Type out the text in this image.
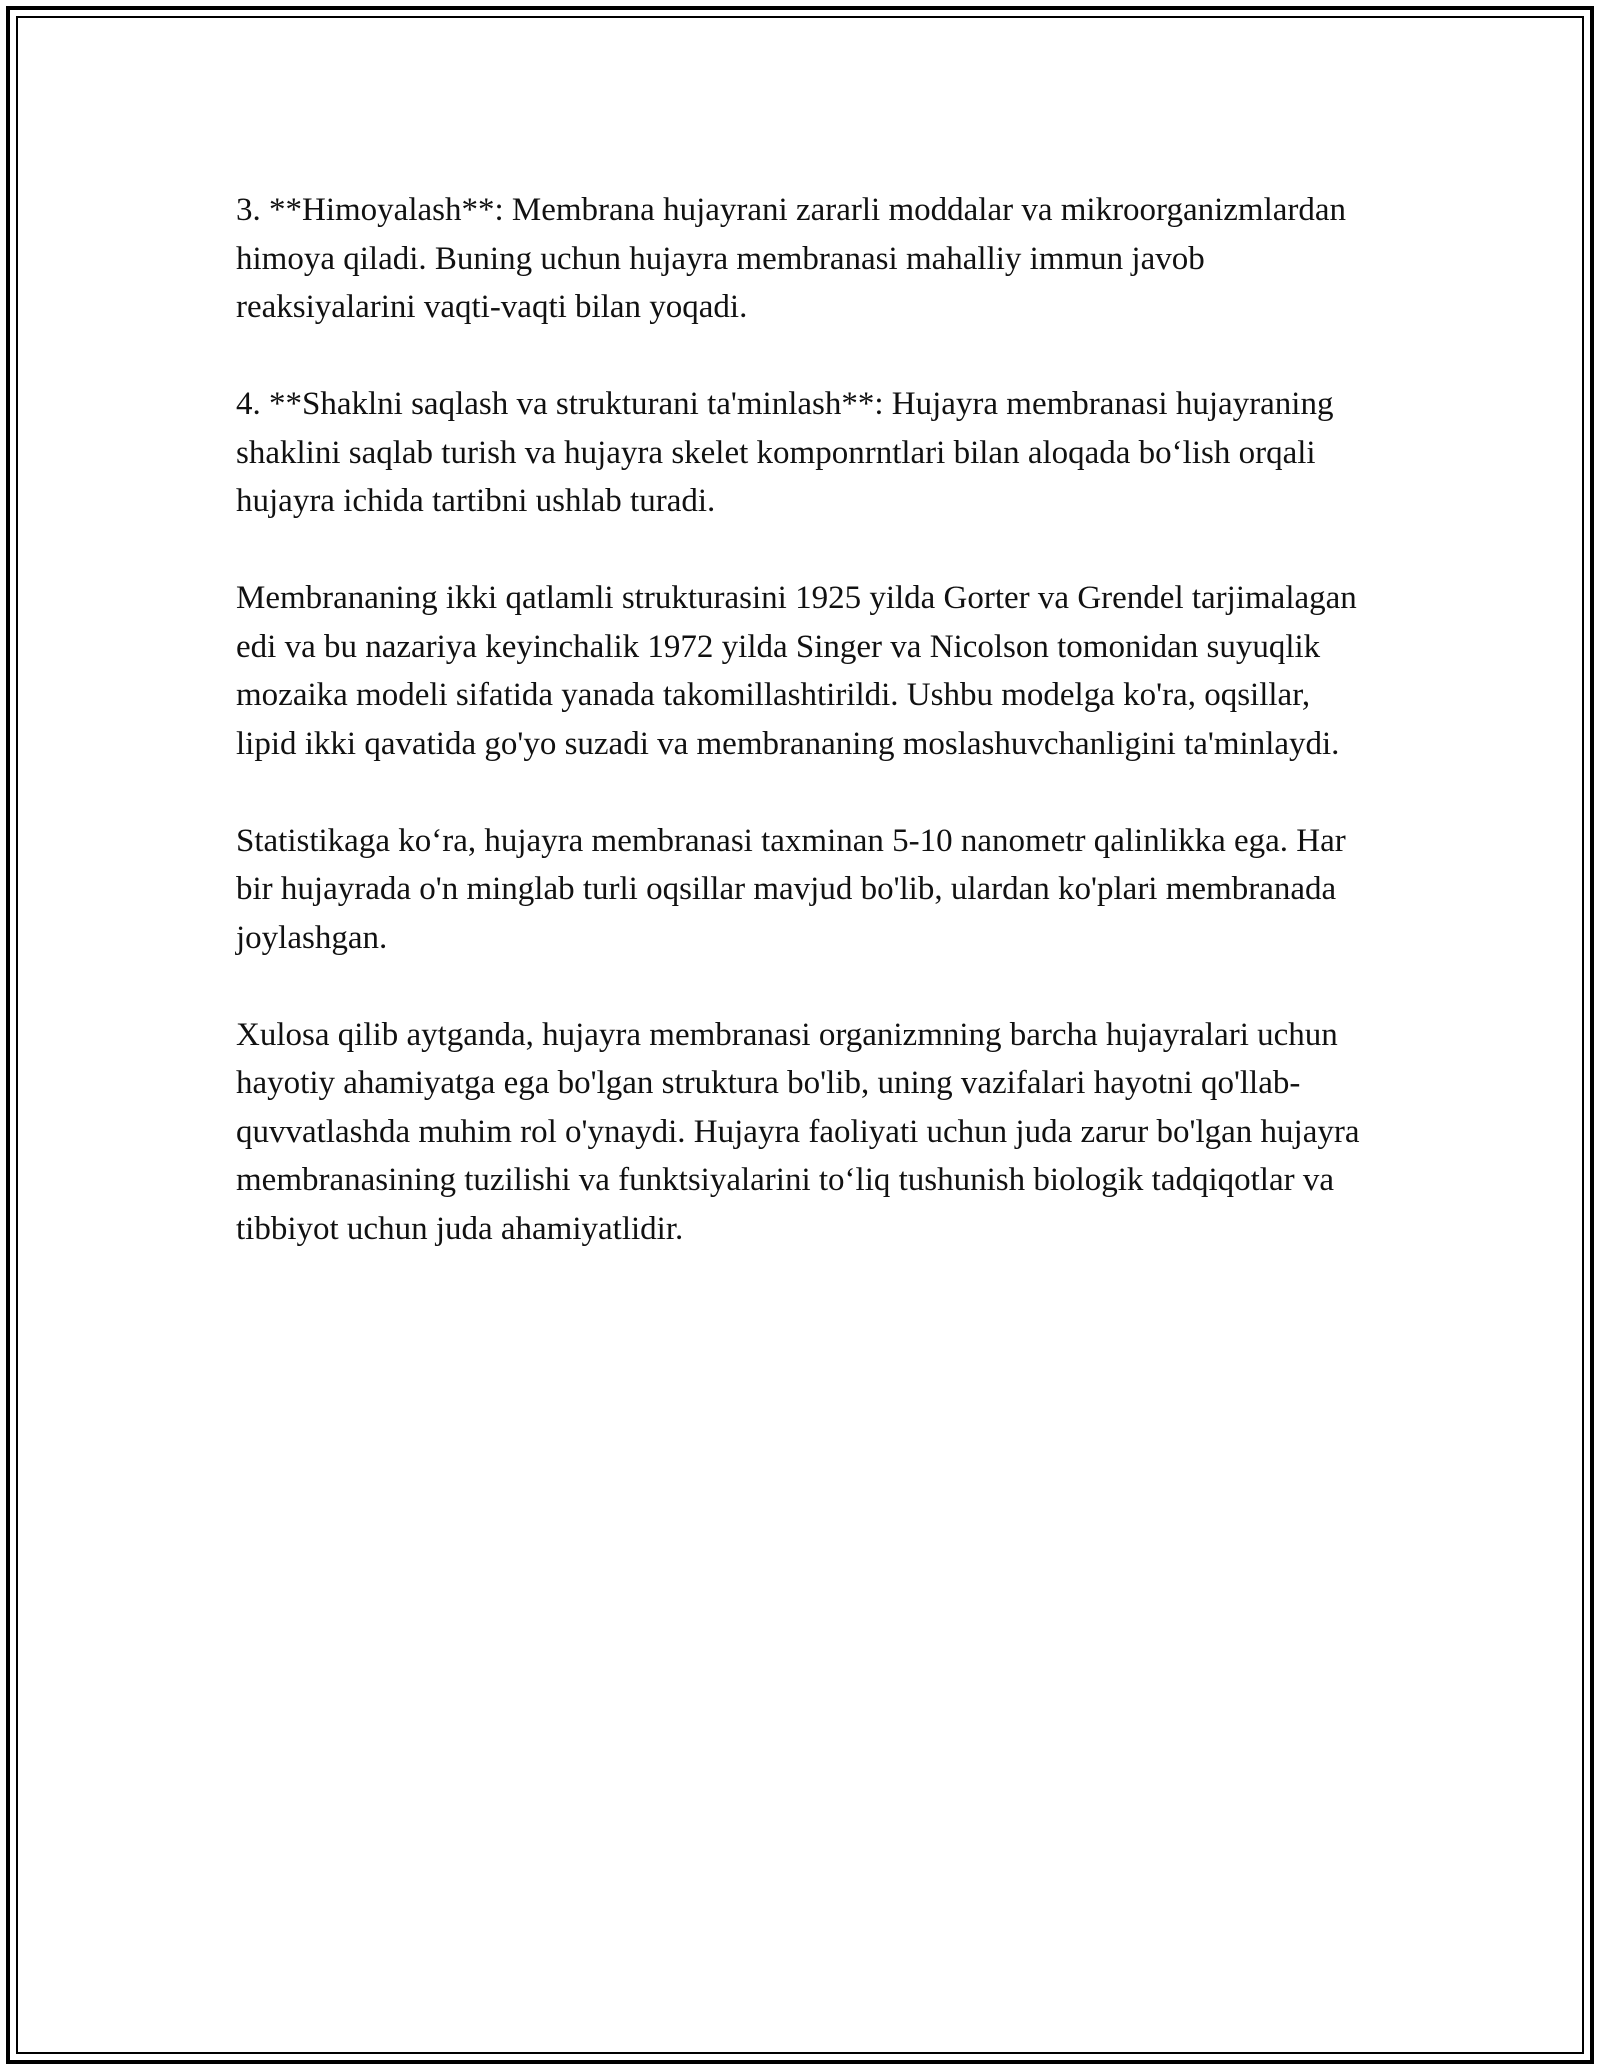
3. **Himoyalash**: Membrana hujayrani zararli moddalar va mikroorganizmlardan himoya qiladi. Buning uchun hujayra membranasi mahalliy immun javob reaksiyalarini vaqti-vaqti bilan yoqadi.

4. **Shaklni saqlash va strukturani ta'minlash**: Hujayra membranasi hujayraning shaklini saqlab turish va hujayra skelet komponrntlari bilan aloqada bo‘lish orqali hujayra ichida tartibni ushlab turadi.

Membrananing ikki qatlamli strukturasini 1925 yilda Gorter va Grendel tarjimalagan edi va bu nazariya keyinchalik 1972 yilda Singer va Nicolson tomonidan suyuqlik mozaika modeli sifatida yanada takomillashtirildi. Ushbu modelga ko'ra, oqsillar, lipid ikki qavatida go'yo suzadi va membrananing moslashuvchanligini ta'minlaydi.

Statistikaga ko‘ra, hujayra membranasi taxminan 5-10 nanometr qalinlikka ega. Har bir hujayrada o'n minglab turli oqsillar mavjud bo'lib, ulardan ko'plari membranada joylashgan.

Xulosa qilib aytganda, hujayra membranasi organizmning barcha hujayralari uchun hayotiy ahamiyatga ega bo'lgan struktura bo'lib, uning vazifalari hayotni qo'llab-quvvatlashda muhim rol o'ynaydi. Hujayra faoliyati uchun juda zarur bo'lgan hujayra membranasining tuzilishi va funktsiyalarini to‘liq tushunish biologik tadqiqotlar va tibbiyot uchun juda ahamiyatlidir.
